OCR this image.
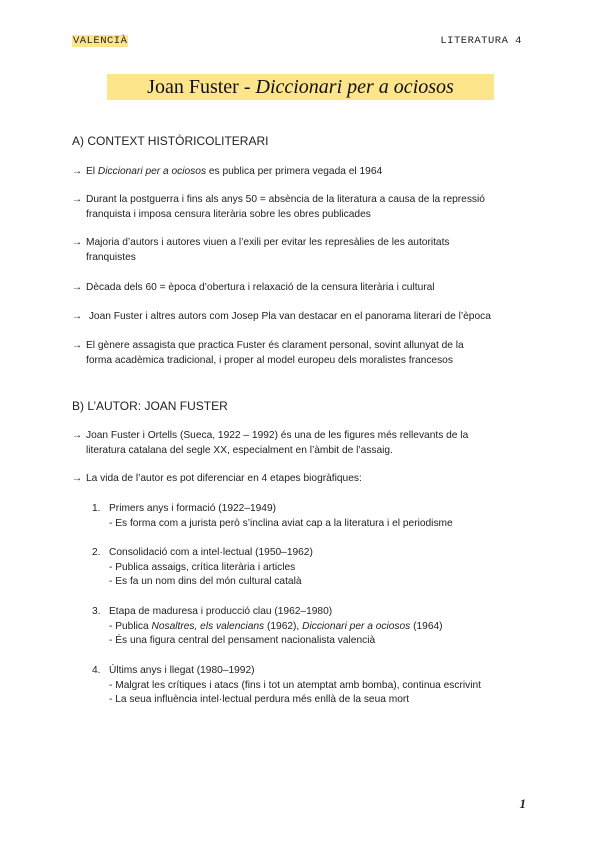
VALENCIÀ	LITERATURA 4
Joan Fuster - Diccionari per a ociosos
A) CONTEXT HISTÒRICOLITERARI
→ El Diccionari per a ociosos es publica per primera vegada el 1964
→ Durant la postguerra i fins als anys 50 = absència de la literatura a causa de la repressió
franquista i imposa censura literària sobre les obres publicades
→ Majoria d’autors i autores viuen a l’exili per evitar les represàlies de les autoritats
franquistes
→ Dècada dels 60 = època d’obertura i relaxació de la censura literària i cultural
→ Joan Fuster i altres autors com Josep Pla van destacar en el panorama literari de l’època
→ El gènere assagista que practica Fuster és clarament personal, sovint allunyat de la
forma acadèmica tradicional, i proper al model europeu dels moralistes francesos
B) L’AUTOR: JOAN FUSTER
→ Joan Fuster i Ortells (Sueca, 1922 – 1992) és una de les figures més rellevants de la
literatura catalana del segle XX, especialment en l’àmbit de l’assaig.
→ La vida de l’autor es pot diferenciar en 4 etapes biogràfiques:
1. Primers anys i formació (1922–1949)
- Es forma com a jurista però s’inclina aviat cap a la literatura i el periodisme
2. Consolidació com a intel·lectual (1950–1962)
- Publica assaigs, crítica literària i articles
- Es fa un nom dins del món cultural català
3. Etapa de maduresa i producció clau (1962–1980)
- Publica Nosaltres, els valencians (1962), Diccionari per a ociosos (1964)
- És una figura central del pensament nacionalista valencià
4. Últims anys i llegat (1980–1992)
- Malgrat les crítiques i atacs (fins i tot un atemptat amb bomba), continua escrivint
- La seua influència intel·lectual perdura més enllà de la seua mort
1
